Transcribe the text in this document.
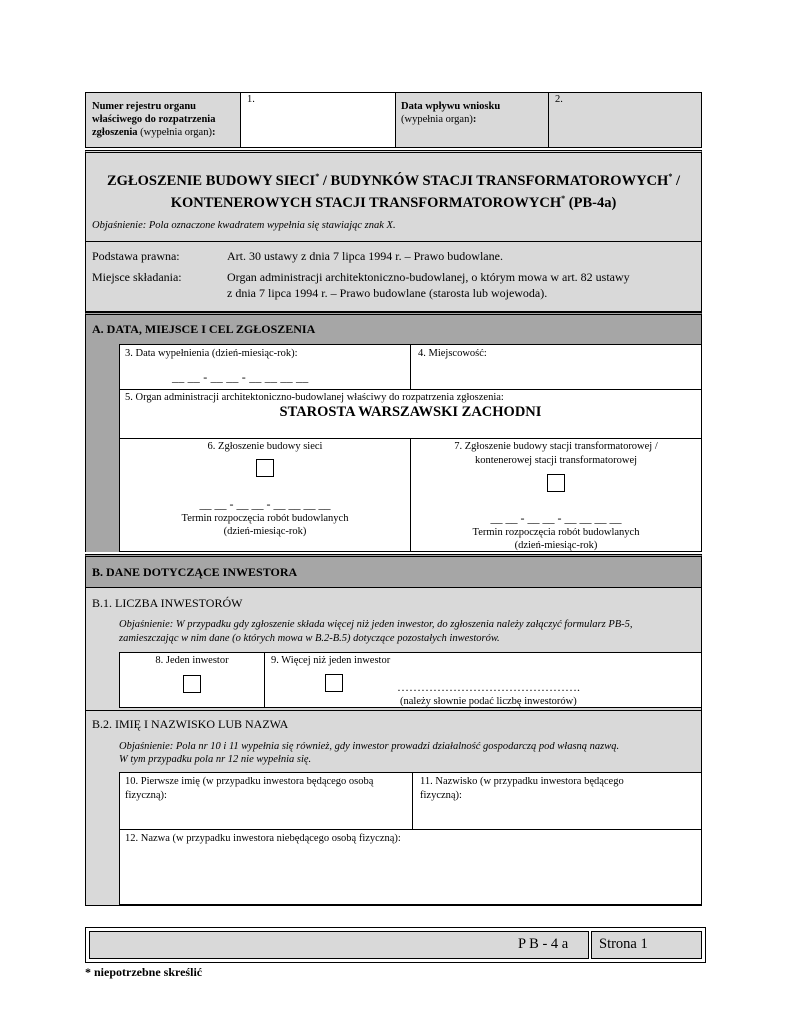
Numer rejestru organu właściwego do rozpatrzenia zgłoszenia (wypełnia organ):
1.
Data wpływu wniosku
(wypełnia organ):
2.
ZGŁOSZENIE BUDOWY SIECI* / BUDYNKÓW STACJI TRANSFORMATOROWYCH* /
KONTENEROWYCH STACJI TRANSFORMATOROWYCH* (PB-4a)
Objaśnienie: Pola oznaczone kwadratem wypełnia się stawiając znak X.
Podstawa prawna:	Art. 30 ustawy z dnia 7 lipca 1994 r. – Prawo budowlane.
Miejsce składania:	Organ administracji architektoniczno-budowlanej, o którym mowa w art. 82 ustawy
z dnia 7 lipca 1994 r. – Prawo budowlane (starosta lub wojewoda).
A. DATA, MIEJSCE I CEL ZGŁOSZENIA
3. Data wypełnienia (dzień-miesiąc-rok):
__ __ - __ __ - __ __ __ __
4. Miejscowość:
5. Organ administracji architektoniczno-budowlanej właściwy do rozpatrzenia zgłoszenia:
STAROSTA WARSZAWSKI ZACHODNI
6. Zgłoszenie budowy sieci
__ __ - __ __ - __ __ __ __
Termin rozpoczęcia robót budowlanych
(dzień-miesiąc-rok)
7. Zgłoszenie budowy stacji transformatorowej /
kontenerowej stacji transformatorowej
__ __ - __ __ - __ __ __ __
Termin rozpoczęcia robót budowlanych
(dzień-miesiąc-rok)
B. DANE DOTYCZĄCE INWESTORA
B.1. LICZBA INWESTORÓW
Objaśnienie: W przypadku gdy zgłoszenie składa więcej niż jeden inwestor, do zgłoszenia należy załączyć formularz PB-5,
zamieszczając w nim dane (o których mowa w B.2-B.5) dotyczące pozostałych inwestorów.
8. Jeden inwestor	9. Więcej niż jeden inwestor
……………………………………….
(należy słownie podać liczbę inwestorów)
B.2. IMIĘ I NAZWISKO LUB NAZWA
Objaśnienie: Pola nr 10 i 11 wypełnia się również, gdy inwestor prowadzi działalność gospodarczą pod własną nazwą.
W tym przypadku pola nr 12 nie wypełnia się.
10. Pierwsze imię (w przypadku inwestora będącego osobą
fizyczną):
11. Nazwisko (w przypadku inwestora będącego
fizyczną):
12. Nazwa (w przypadku inwestora niebędącego osobą fizyczną):
P B - 4 a Strona 1
* niepotrzebne skreślić
